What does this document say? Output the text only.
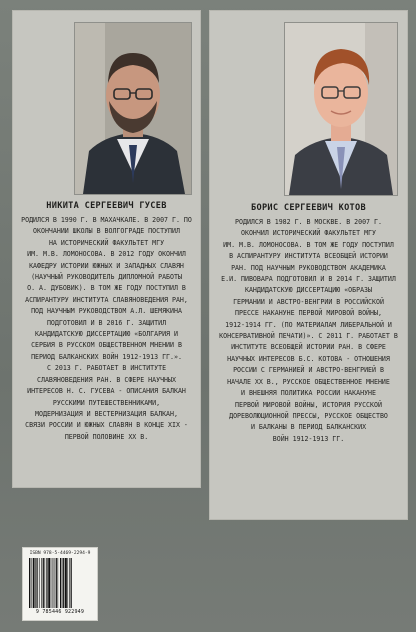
НИКИТА СЕРГЕЕВИЧ ГУСЕВ
РОДИЛСЯ В 1990 Г. В МАХАЧКАЛЕ. В 2007 Г. ПО
ОКОНЧАНИИ ШКОЛЫ В ВОЛГОГРАДЕ ПОСТУПИЛ
НА ИСТОРИЧЕСКИЙ ФАКУЛЬТЕТ МГУ
ИМ. М.В. ЛОМОНОСОВА. В 2012 ГОДУ ОКОНЧИЛ
КАФЕДРУ ИСТОРИИ ЮЖНЫХ И ЗАПАДНЫХ СЛАВЯН
(НАУЧНЫЙ РУКОВОДИТЕЛЬ ДИПЛОМНОЙ РАБОТЫ
О. А. ДУБОВИК). В ТОМ ЖЕ ГОДУ ПОСТУПИЛ В
АСПИРАНТУРУ ИНСТИТУТА СЛАВЯНОВЕДЕНИЯ РАН,
ПОД НАУЧНЫМ РУКОВОДСТВОМ А.Л. ШЕМЯКИНА
ПОДГОТОВИЛ И В 2016 Г. ЗАЩИТИЛ
КАНДИДАТСКУЮ ДИССЕРТАЦИЮ «БОЛГАРИЯ И
СЕРБИЯ В РУССКОМ ОБЩЕСТВЕННОМ МНЕНИИ В
ПЕРИОД БАЛКАНСКИХ ВОЙН 1912-1913 ГГ.».
С 2013 Г. РАБОТАЕТ В ИНСТИТУТЕ
СЛАВЯНОВЕДЕНИЯ РАН. В СФЕРЕ НАУЧНЫХ
ИНТЕРЕСОВ Н. С. ГУСЕВА - ОПИСАНИЯ БАЛКАН
РУССКИМИ ПУТЕШЕСТВЕННИКАМИ,
МОДЕРНИЗАЦИЯ И ВЕСТЕРНИЗАЦИЯ БАЛКАН,
СВЯЗИ РОССИИ И ЮЖНЫХ СЛАВЯН В КОНЦЕ XIX -
ПЕРВОЙ ПОЛОВИНЕ XX В.
БОРИС СЕРГЕЕВИЧ КОТОВ
РОДИЛСЯ В 1982 Г. В МОСКВЕ. В 2007 Г.
ОКОНЧИЛ ИСТОРИЧЕСКИЙ ФАКУЛЬТЕТ МГУ
ИМ. М.В. ЛОМОНОСОВА. В ТОМ ЖЕ ГОДУ ПОСТУПИЛ
В АСПИРАНТУРУ ИНСТИТУТА ВСЕОБЩЕЙ ИСТОРИИ
РАН. ПОД НАУЧНЫМ РУКОВОДСТВОМ АКАДЕМИКА
Е.И. ПИВОВАРА ПОДГОТОВИЛ И В 2014 Г. ЗАЩИТИЛ
КАНДИДАТСКУЮ ДИССЕРТАЦИЮ «ОБРАЗЫ
ГЕРМАНИИ И АВСТРО-ВЕНГРИИ В РОССИЙСКОЙ
ПРЕССЕ НАКАНУНЕ ПЕРВОЙ МИРОВОЙ ВОЙНЫ,
1912-1914 ГГ. (ПО МАТЕРИАЛАМ ЛИБЕРАЛЬНОЙ И
КОНСЕРВАТИВНОЙ ПЕЧАТИ)». С 2011 Г. РАБОТАЕТ В
ИНСТИТУТЕ ВСЕОБЩЕЙ ИСТОРИИ РАН. В СФЕРЕ
НАУЧНЫХ ИНТЕРЕСОВ Б.С. КОТОВА - ОТНОШЕНИЯ
РОССИИ С ГЕРМАНИЕЙ И АВСТРО-ВЕНГРИЕЙ В
НАЧАЛЕ XX В., РУССКОЕ ОБЩЕСТВЕННОЕ МНЕНИЕ
И ВНЕШНЯЯ ПОЛИТИКА РОССИИ НАКАНУНЕ
ПЕРВОЙ МИРОВОЙ ВОЙНЫ, ИСТОРИЯ РУССКОЙ
ДОРЕВОЛЮЦИОННОЙ ПРЕССЫ, РУССКОЕ ОБЩЕСТВО
И БАЛКАНЫ В ПЕРИОД БАЛКАНСКИХ
ВОЙН 1912-1913 ГГ.
ISBN 978-5-4469-2294-9
9 785446 922949
